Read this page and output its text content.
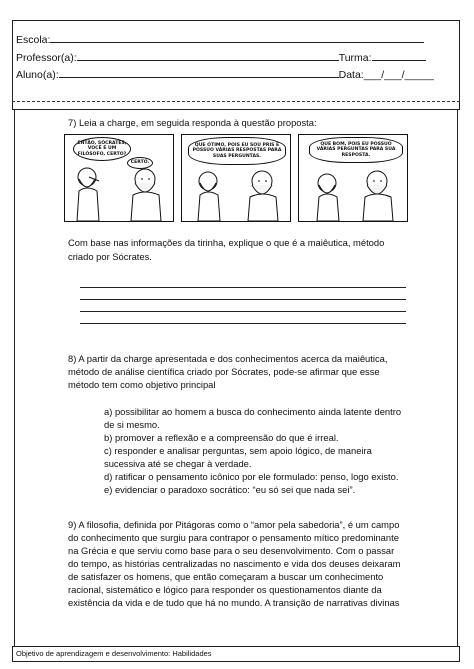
Escola:
Professor(a):	Turma:
Aluno(a):	Data:___/___/_____
7) Leia a charge, em seguida responda à questão proposta:
ENTÃO, SÓCRATES, VOCÊ É UM FILÓSOFO, CERTO?
CERTO.
QUE ÓTIMO, POIS EU SOU PRIS E POSSUO VÁRIAS RESPOSTAS PARA SUAS PERGUNTAS.
QUE BOM, POIS EU POSSUO VÁRIAS PERGUNTAS PARA SUA RESPOSTA.
Com base nas informações da tirinha, explique o que é a maiêutica, método
criado por Sócrates.
8) A partir da charge apresentada e dos conhecimentos acerca da maiêutica,
método de análise científica criado por Sócrates, pode-se afirmar que esse
método tem como objetivo principal
a) possibilitar ao homem a busca do conhecimento ainda latente dentro
de si mesmo.
b) promover a reflexão e a compreensão do que é irreal.
c) responder e analisar perguntas, sem apoio lógico, de maneira
sucessiva até se chegar à verdade.
d) ratificar o pensamento icônico por ele formulado: penso, logo existo.
e) evidenciar o paradoxo socrático: “eu só sei que nada sei”.
9) A filosofia, definida por Pitágoras como o “amor pela sabedoria”, é um campo
do conhecimento que surgiu para contrapor o pensamento mítico predominante
na Grécia e que serviu como base para o seu desenvolvimento. Com o passar
do tempo, as histórias centralizadas no nascimento e vida dos deuses deixaram
de satisfazer os homens, que então começaram a buscar um conhecimento
racional, sistemático e lógico para responder os questionamentos diante da
existência da vida e de tudo que há no mundo. A transição de narrativas divinas
Objetivo de aprendizagem e desenvolvimento: Habilidades
